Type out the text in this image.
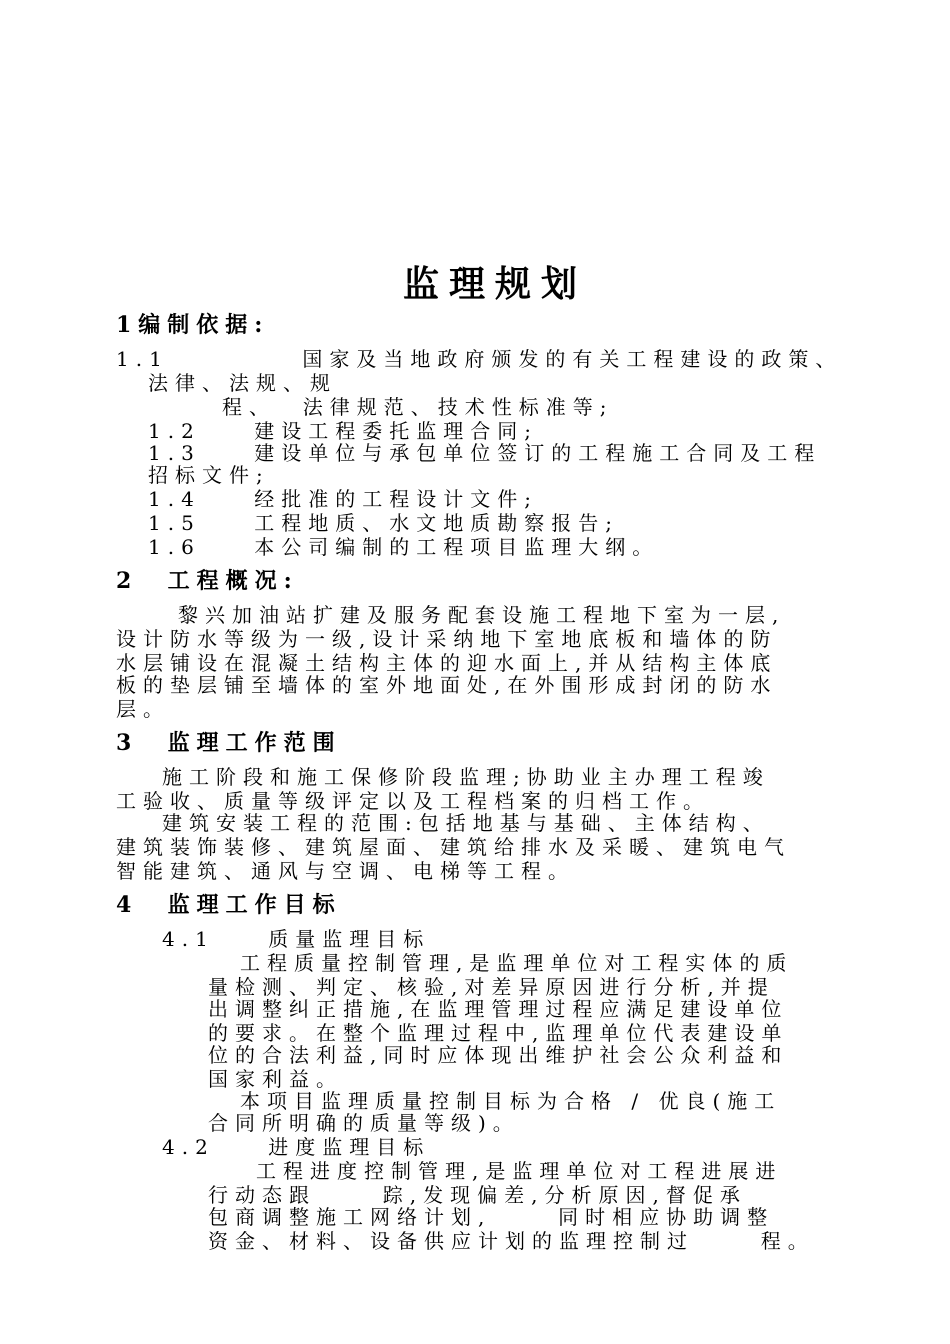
监理规划
1编制依据:
1.1          国家及当地政府颁发的有关工程建设的政策、
法律、法规、规
程、  法律规范、技术性标准等;
1.2    建设工程委托监理合同;
1.3    建设单位与承包单位签订的工程施工合同及工程
招标文件;
1.4    经批准的工程设计文件;
1.5    工程地质、水文地质勘察报告;
1.6    本公司编制的工程项目监理大纲。
2  工程概况:
黎兴加油站扩建及服务配套设施工程地下室为一层,
设计防水等级为一级,设计采纳地下室地底板和墙体的防
水层铺设在混凝土结构主体的迎水面上,并从结构主体底
板的垫层铺至墙体的室外地面处,在外围形成封闭的防水
层。
3  监理工作范围
施工阶段和施工保修阶段监理;协助业主办理工程竣
工验收、质量等级评定以及工程档案的归档工作。
建筑安装工程的范围:包括地基与基础、主体结构、
建筑装饰装修、建筑屋面、建筑给排水及采暖、建筑电气
智能建筑、通风与空调、电梯等工程。
4  监理工作目标
4.1    质量监理目标
工程质量控制管理,是监理单位对工程实体的质
量检测、判定、核验,对差异原因进行分析,并提
出调整纠正措施,在监理管理过程应满足建设单位
的要求。在整个监理过程中,监理单位代表建设单
位的合法利益,同时应体现出维护社会公众利益和
国家利益。
本项目监理质量控制目标为合格 / 优良(施工
合同所明确的质量等级)。
4.2    进度监理目标
工程进度控制管理,是监理单位对工程进展进
行动态跟     踪,发现偏差,分析原因,督促承
包商调整施工网络计划,     同时相应协助调整
资金、材料、设备供应计划的监理控制过     程。
